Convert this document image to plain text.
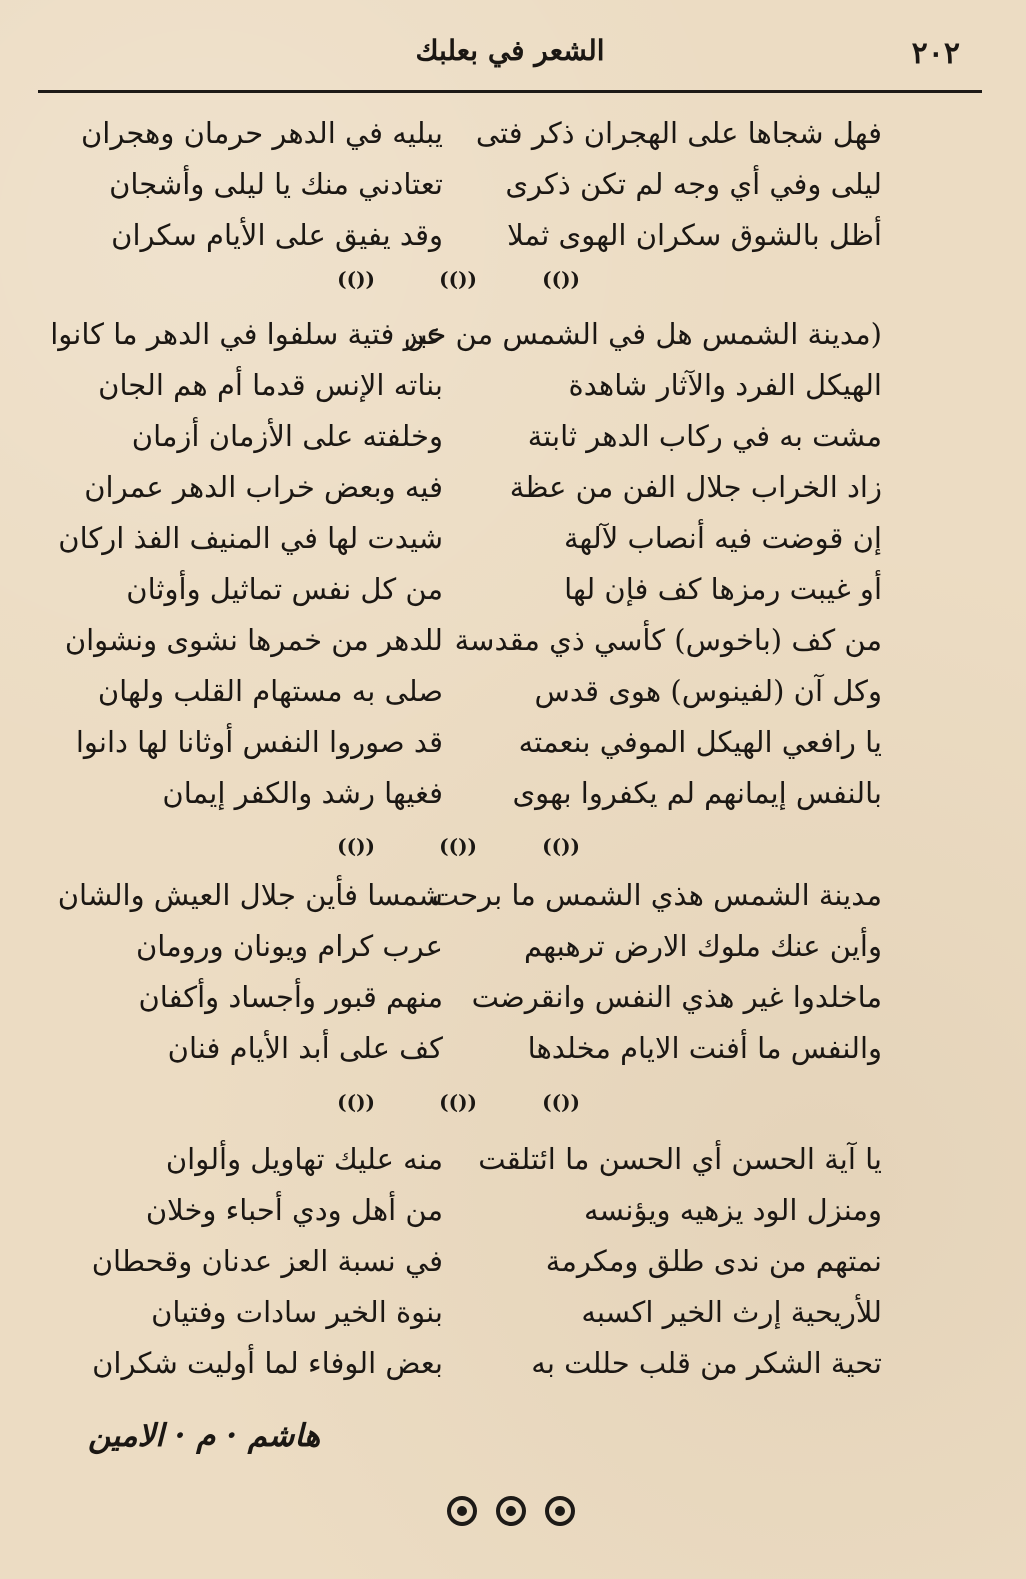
٢٠٢
الشعر في بعلبك
فهل شجاها على الهجران ذكر فتى
يبليه في الدهر حرمان وهجران
ليلى وفي أي وجه لم تكن ذكرى
تعتادني منك يا ليلى وأشجان
أظل بالشوق سكران الهوى ثملا
وقد يفيق على الأيام سكران
(())
(())
(())
(مدينة الشمس هل في الشمس من خبر
عن فتية سلفوا في الدهر ما كانوا
الهيكل الفرد والآثار شاهدة
بناته الإنس قدما أم هم الجان
مشت به في ركاب الدهر ثابتة
وخلفته على الأزمان أزمان
زاد الخراب جلال الفن من عظة
فيه وبعض خراب الدهر عمران
إن قوضت فيه أنصاب لآلهة
شيدت لها في المنيف الفذ اركان
أو غيبت رمزها كف فإن لها
من كل نفس تماثيل وأوثان
من كف (باخوس) كأسي ذي مقدسة
للدهر من خمرها نشوى ونشوان
وكل آن (لفينوس) هوى قدس
صلى به مستهام القلب ولهان
يا رافعي الهيكل الموفي بنعمته
قد صوروا النفس أوثانا لها دانوا
بالنفس إيمانهم لم يكفروا بهوى
فغيها رشد والكفر إيمان
(())
(())
(())
مدينة الشمس هذي الشمس ما برحت
شمسا فأين جلال العيش والشان
وأين عنك ملوك الارض ترهبهم
عرب كرام ويونان ورومان
ماخلدوا غير هذي النفس وانقرضت
منهم قبور وأجساد وأكفان
والنفس ما أفنت الايام مخلدها
كف على أبد الأيام فنان
(())
(())
(())
يا آية الحسن أي الحسن ما ائتلقت
منه عليك تهاويل وألوان
ومنزل الود يزهيه ويؤنسه
من أهل ودي أحباء وخلان
نمتهم من ندى طلق ومكرمة
في نسبة العز عدنان وقحطان
للأريحية إرث الخير اكسبه
بنوة الخير سادات وفتيان
تحية الشكر من قلب حللت به
بعض الوفاء لما أوليت شكران
هاشم · م · الامين
